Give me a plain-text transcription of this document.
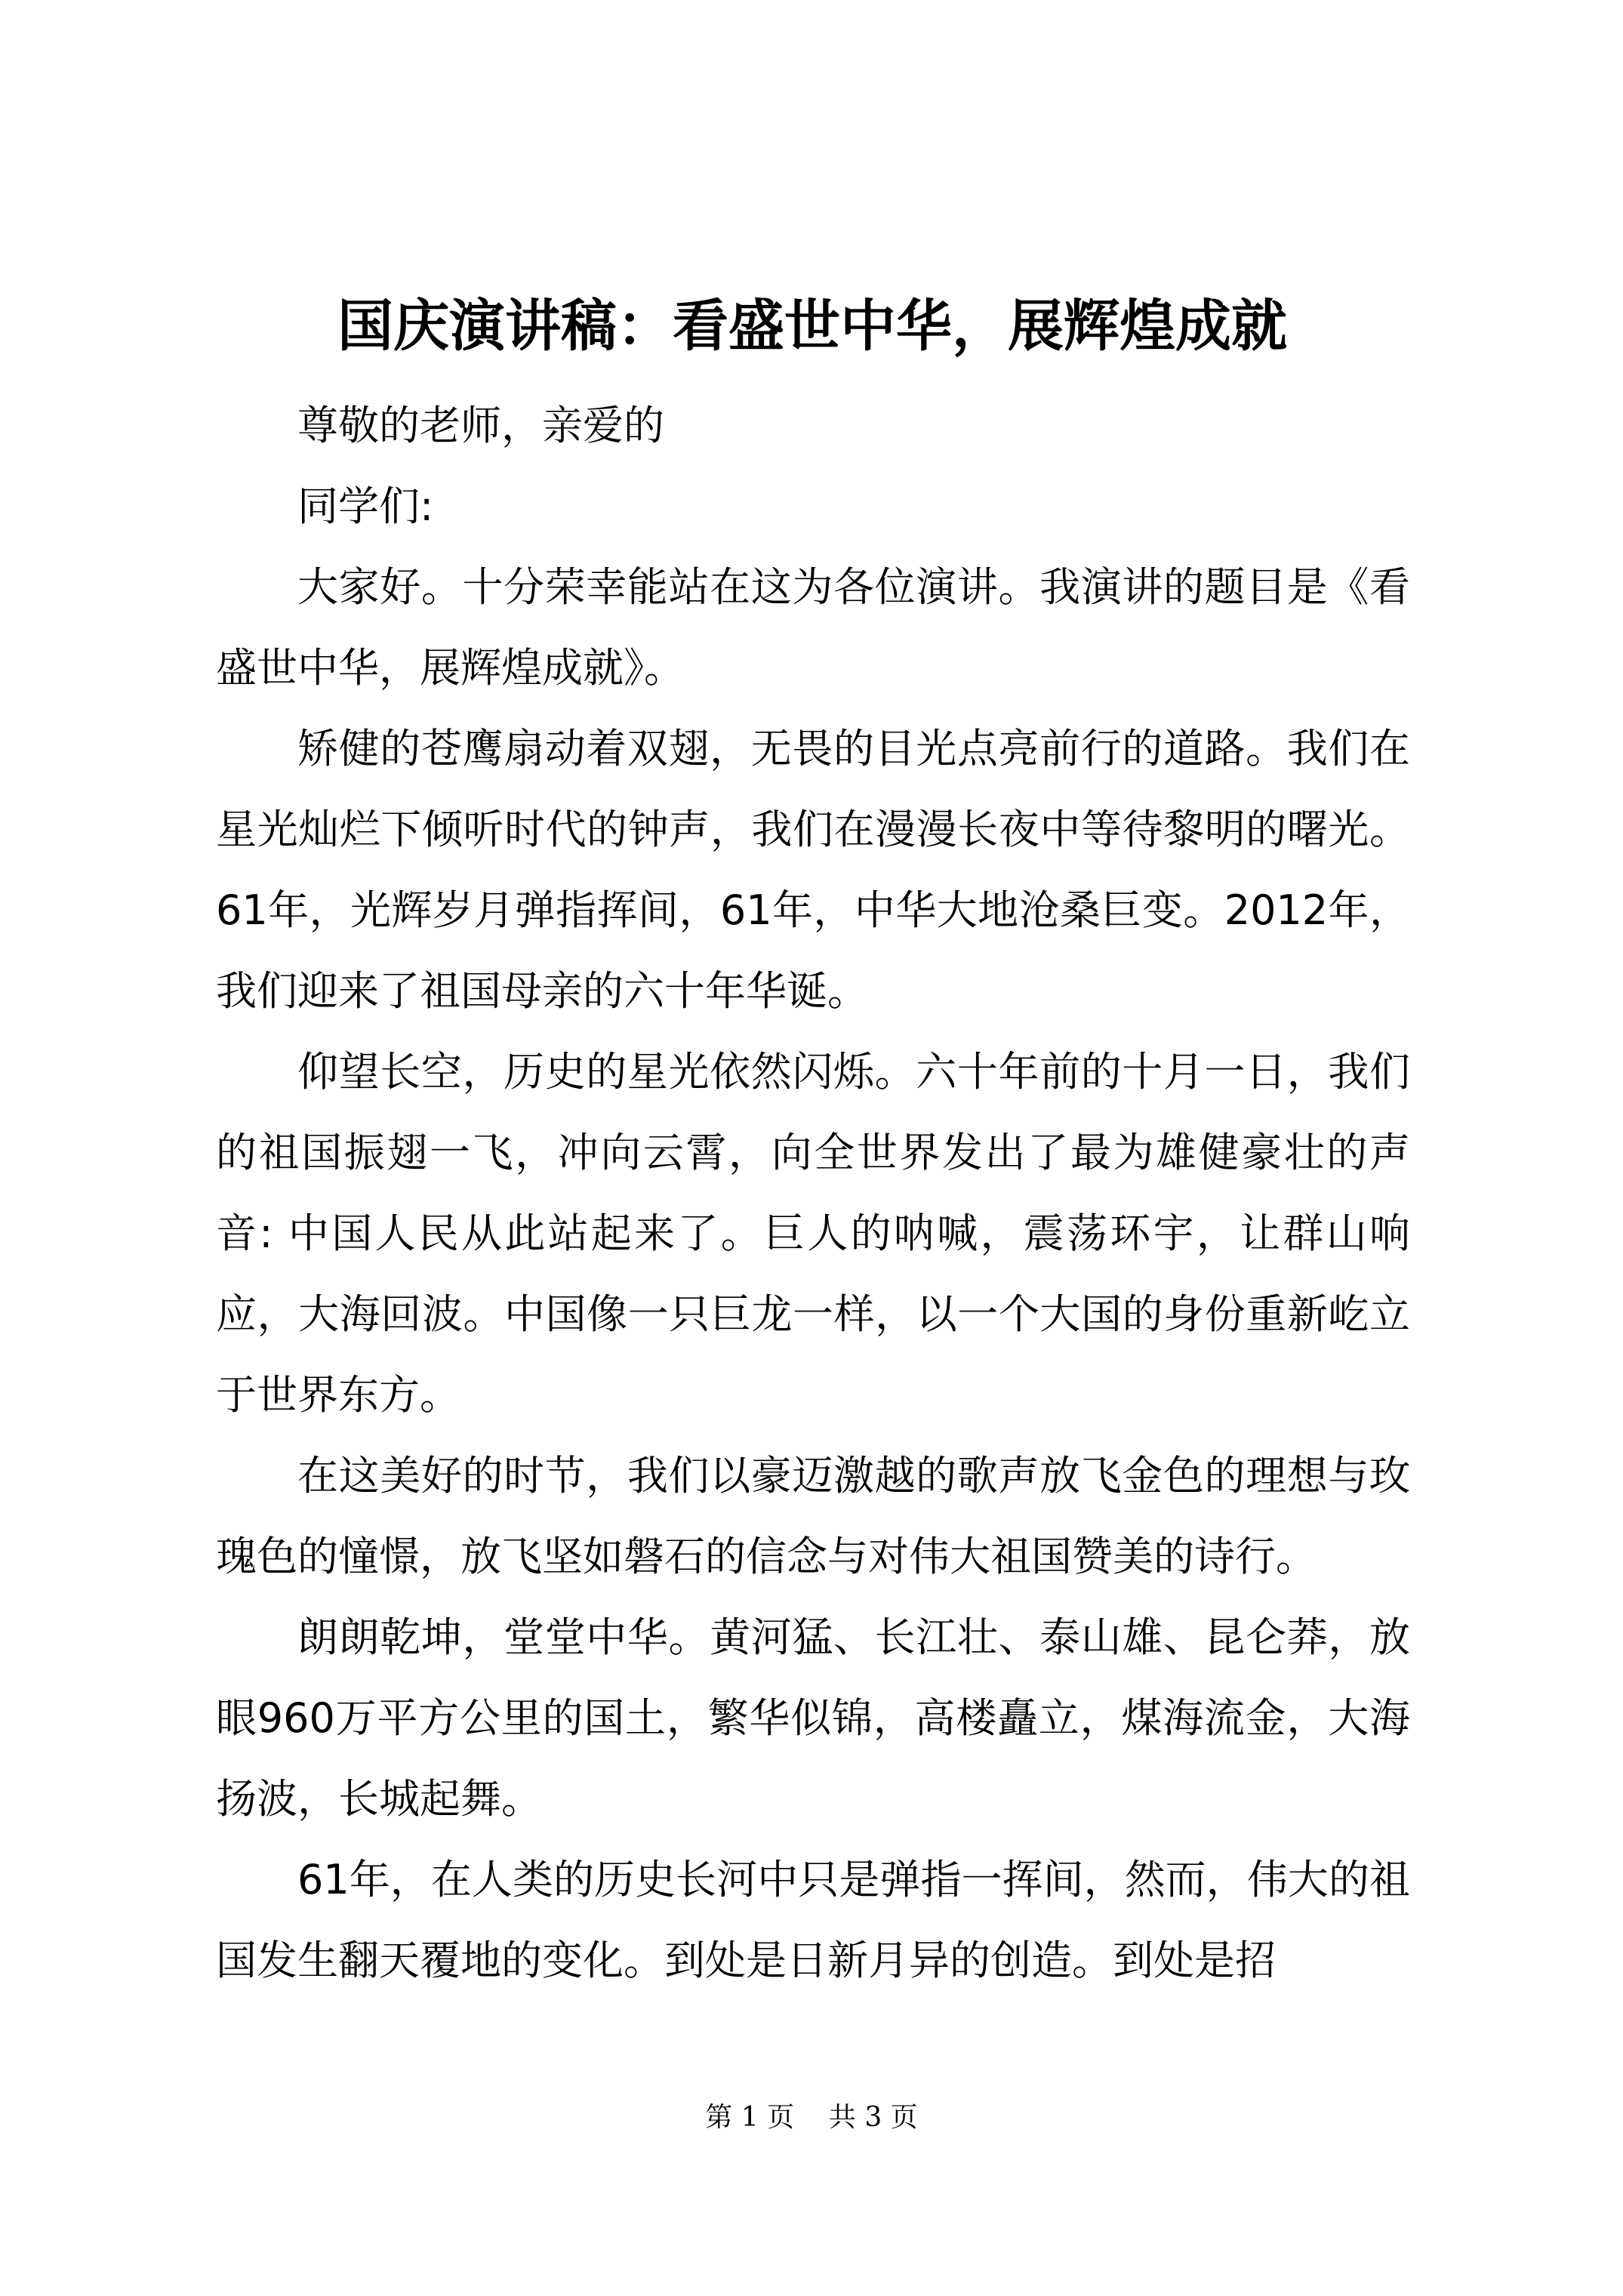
国庆演讲稿：看盛世中华，展辉煌成就

尊敬的老师，亲爱的

同学们:

大家好。十分荣幸能站在这为各位演讲。我演讲的题目是《看盛世中华，展辉煌成就》。

矫健的苍鹰扇动着双翅，无畏的目光点亮前行的道路。我们在星光灿烂下倾听时代的钟声，我们在漫漫长夜中等待黎明的曙光。61年，光辉岁月弹指挥间，61年，中华大地沧桑巨变。2012年，我们迎来了祖国母亲的六十年华诞。

仰望长空，历史的星光依然闪烁。六十年前的十月一日，我们的祖国振翅一飞，冲向云霄，向全世界发出了最为雄健豪壮的声音: 中国人民从此站起来了。巨人的呐喊，震荡环宇，让群山响应，大海回波。中国像一只巨龙一样，以一个大国的身份重新屹立于世界东方。

在这美好的时节，我们以豪迈激越的歌声放飞金色的理想与玫瑰色的憧憬，放飞坚如磐石的信念与对伟大祖国赞美的诗行。

朗朗乾坤，堂堂中华。黄河猛、长江壮、泰山雄、昆仑莽，放眼960万平方公里的国土，繁华似锦，高楼矗立，煤海流金，大海扬波，长城起舞。

61年，在人类的历史长河中只是弹指一挥间，然而，伟大的祖国发生翻天覆地的变化。到处是日新月异的创造。到处是招

第 1 页 共 3 页
